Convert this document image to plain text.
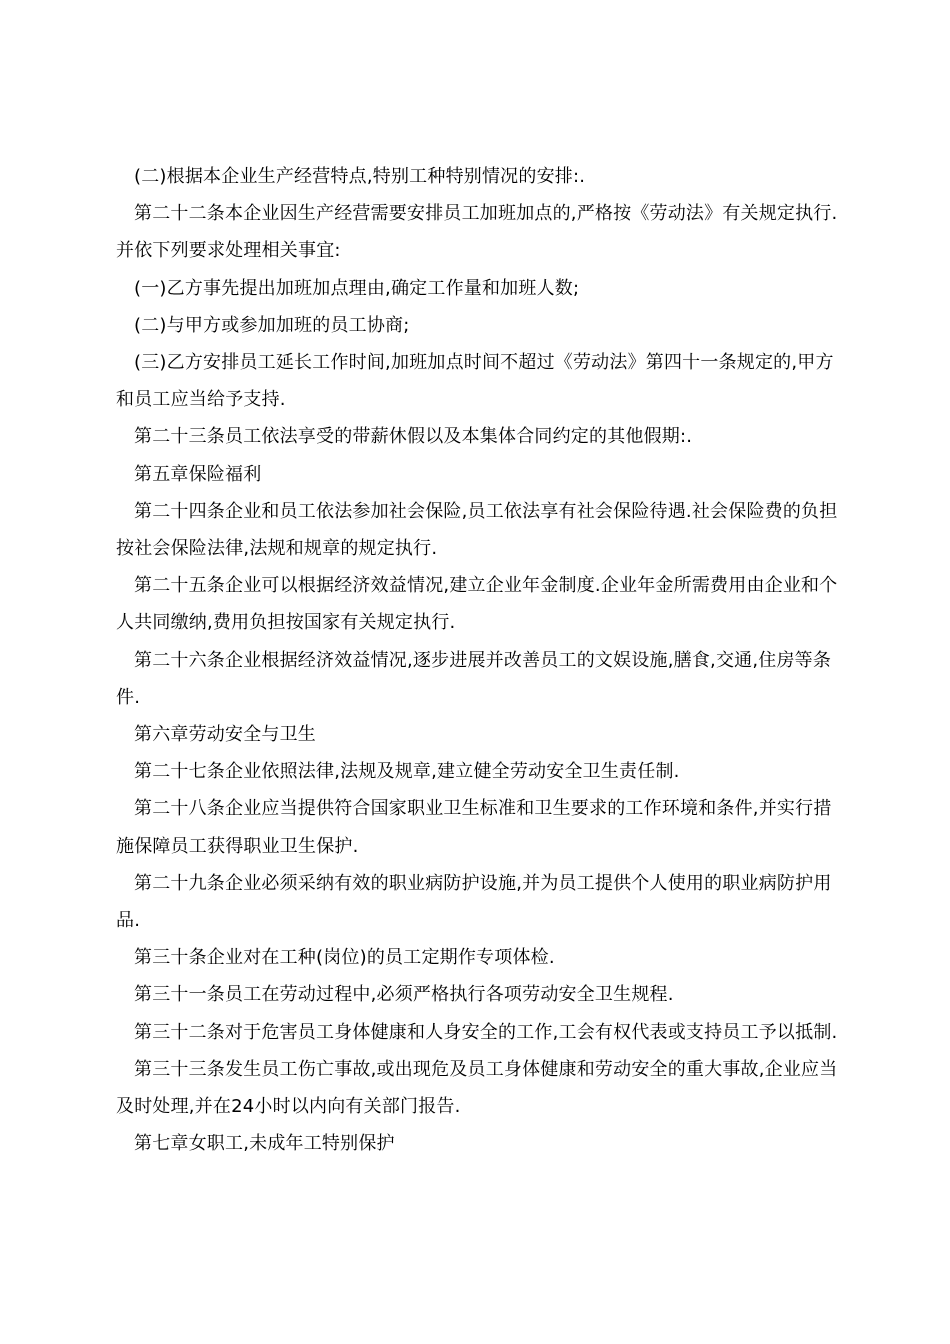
(二)根据本企业生产经营特点,特别工种特别情况的安排:.

第二十二条本企业因生产经营需要安排员工加班加点的,严格按《劳动法》有关规定执行.并依下列要求处理相关事宜:

(一)乙方事先提出加班加点理由,确定工作量和加班人数;

(二)与甲方或参加加班的员工协商;

(三)乙方安排员工延长工作时间,加班加点时间不超过《劳动法》第四十一条规定的,甲方和员工应当给予支持.

第二十三条员工依法享受的带薪休假以及本集体合同约定的其他假期:.

第五章保险福利

第二十四条企业和员工依法参加社会保险,员工依法享有社会保险待遇.社会保险费的负担按社会保险法律,法规和规章的规定执行.

第二十五条企业可以根据经济效益情况,建立企业年金制度.企业年金所需费用由企业和个人共同缴纳,费用负担按国家有关规定执行.

第二十六条企业根据经济效益情况,逐步进展并改善员工的文娱设施,膳食,交通,住房等条件.

第六章劳动安全与卫生

第二十七条企业依照法律,法规及规章,建立健全劳动安全卫生责任制.

第二十八条企业应当提供符合国家职业卫生标准和卫生要求的工作环境和条件,并实行措施保障员工获得职业卫生保护.

第二十九条企业必须采纳有效的职业病防护设施,并为员工提供个人使用的职业病防护用品.

第三十条企业对在工种(岗位)的员工定期作专项体检.

第三十一条员工在劳动过程中,必须严格执行各项劳动安全卫生规程.

第三十二条对于危害员工身体健康和人身安全的工作,工会有权代表或支持员工予以抵制.

第三十三条发生员工伤亡事故,或出现危及员工身体健康和劳动安全的重大事故,企业应当及时处理,并在24小时以内向有关部门报告.

第七章女职工,未成年工特别保护
